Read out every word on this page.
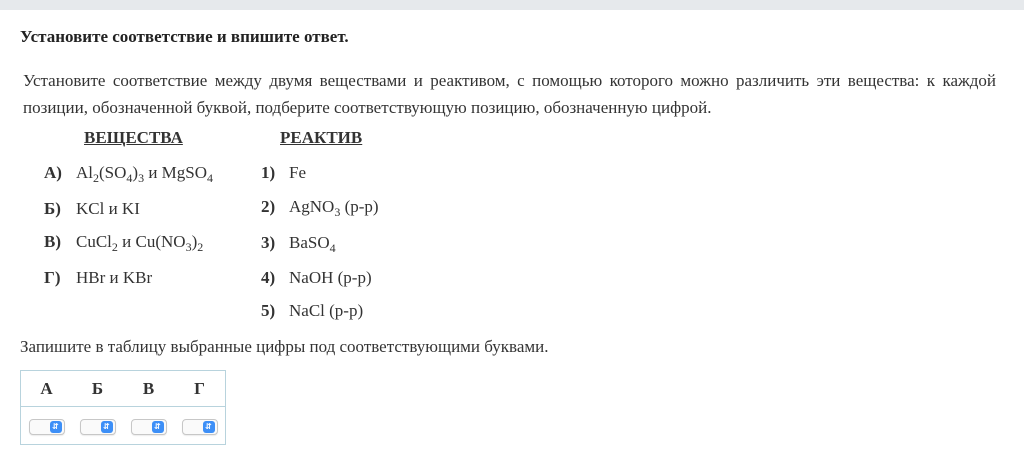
Установите соответствие и впишите ответ.
Установите соответствие между двумя веществами и реактивом, с помощью которого можно различить эти вещества: к каждой позиции, обозначенной буквой, подберите соответствующую позицию, обозначенную цифрой.
ВЕЩЕСТВА	РЕАКТИВ
А) $Al_2(SO_4)_3$ и MgSO$_4$
Б) KCl и KI
В) CuCl$_2$ и $Cu(NO_3)_2$
Г) HBr и KBr
1) Fe
2) AgNO$_3$ (р-р)
3) BaSO$_4$
4) NaOH (р-р)
5) NaCl (р-р)
Запишите в таблицу выбранные цифры под соответствующими буквами.
А	Б	В	Г

⇵	⇵	⇵	⇵
